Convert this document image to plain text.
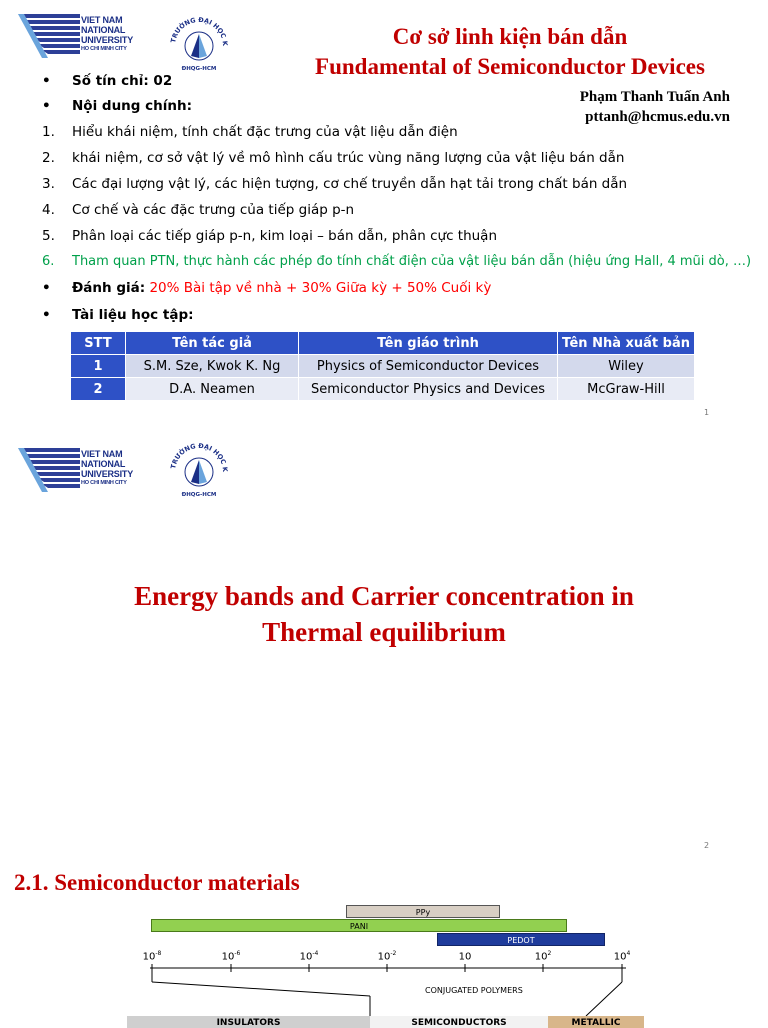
VIET NAM
NATIONAL
UNIVERSITY
HO CHI MINH CITY
TRƯỜNG ĐẠI HỌC K
ĐHQG-HCM
Cơ sở linh kiện bán dẫn
Fundamental of Semiconductor Devices
Phạm Thanh Tuấn Anh
pttanh@hcmus.edu.vn
• Số tín chỉ: 02
• Nội dung chính:
1. Hiểu khái niệm, tính chất đặc trưng của vật liệu dẫn điện
2. khái niệm, cơ sở vật lý về mô hình cấu trúc vùng năng lượng của vật liệu bán dẫn
3. Các đại lượng vật lý, các hiện tượng, cơ chế truyền dẫn hạt tải trong chất bán dẫn
4. Cơ chế và các đặc trưng của tiếp giáp p-n
5. Phân loại các tiếp giáp p-n, kim loại – bán dẫn, phân cực thuận
6. Tham quan PTN, thực hành các phép đo tính chất điện của vật liệu bán dẫn (hiệu ứng Hall, 4 mũi dò, …)
• Đánh giá: 20% Bài tập về nhà + 30% Giữa kỳ + 50% Cuối kỳ
• Tài liệu học tập:
STT	Tên tác giả	Tên giáo trình	Tên Nhà xuất bản
1	S.M. Sze, Kwok K. Ng	Physics of Semiconductor Devices	Wiley
2	D.A. Neamen	Semiconductor Physics and Devices	McGraw-Hill
1
VIET NAM
NATIONAL
UNIVERSITY
HO CHI MINH CITY
TRƯỜNG ĐẠI HỌC K
ĐHQG-HCM
Energy bands and Carrier concentration in
Thermal equilibrium
2
2.1. Semiconductor materials
PPy
PANI
PEDOT
$10^{-8}$	$10^{-6}$	$10^{-4}$	$10^{-2}$	10	$10^2$	$10^4$
CONJUGATED POLYMERS
INSULATORS	SEMICONDUCTORS	METALLIC
